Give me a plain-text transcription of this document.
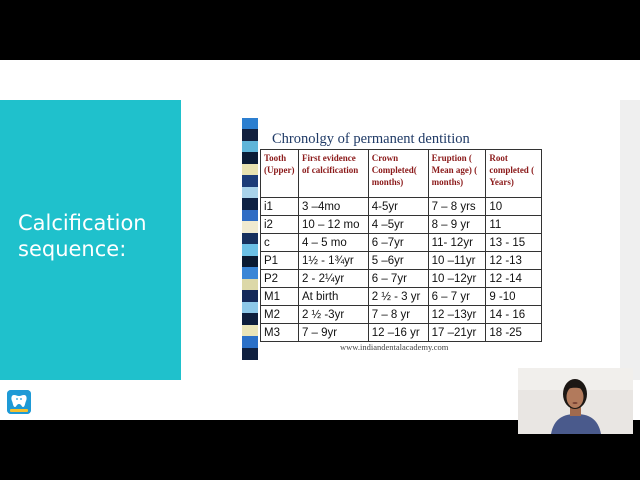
Calcification sequence:
Chronolgy of permanent dentition
Tooth (Upper)	First evidence of calcification	Crown Completed( months)	Eruption ( Mean age) ( months)	Root completed ( Years)
i1	3 –4mo	4-5yr	7 – 8 yrs	10
i2	10 – 12 mo	4 –5yr	8 – 9 yr	11
c	4 – 5 mo	6 –7yr	11- 12yr	13 - 15
P1	1½ - 1¾yr	5 –6yr	10 –11yr	12 -13
P2	2 - 2¼yr	6 – 7yr	10 –12yr	12 -14
M1	At birth	2 ½ - 3 yr	6 – 7 yr	9 -10
M2	2 ½ -3yr	7 – 8 yr	12 –13yr	14 - 16
M3	7 – 9yr	12 –16 yr	17 –21yr	18 -25
www.indiandentalacademy.com
